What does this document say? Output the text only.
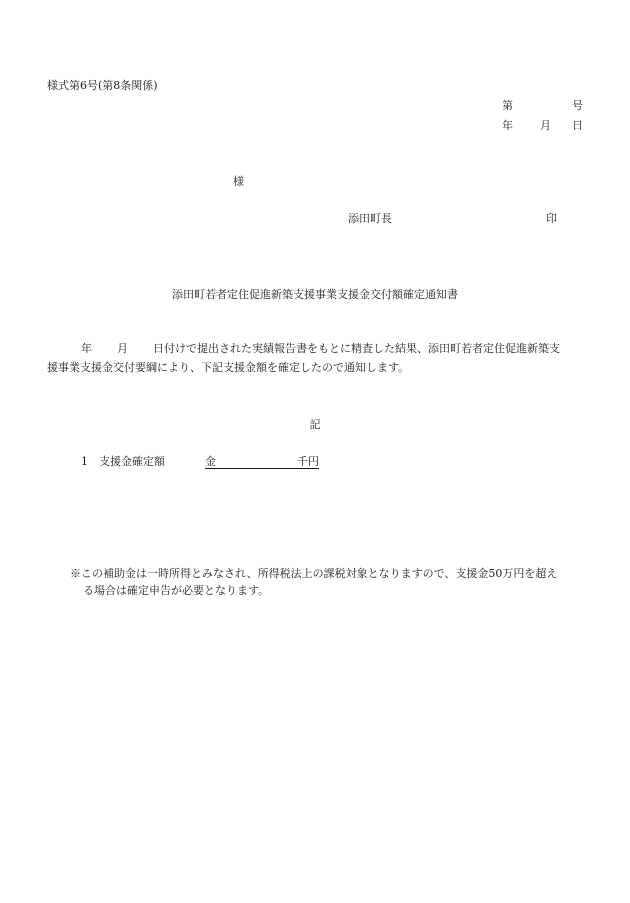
様式第6号(第8条関係)
第	号
年 月 日
様
添田町長	印
添田町若者定住促進新築支援事業支援金交付額確定通知書
年 月 日付けで提出された実績報告書をもとに精査した結果、添田町若者定住促進新築支
援事業支援金交付要綱により、下記支援金額を確定したので通知します。
記
1 支援金確定額	金	千円
※この補助金は一時所得とみなされ、所得税法上の課税対象となりますので、支援金50万円を超え
る場合は確定申告が必要となります。
